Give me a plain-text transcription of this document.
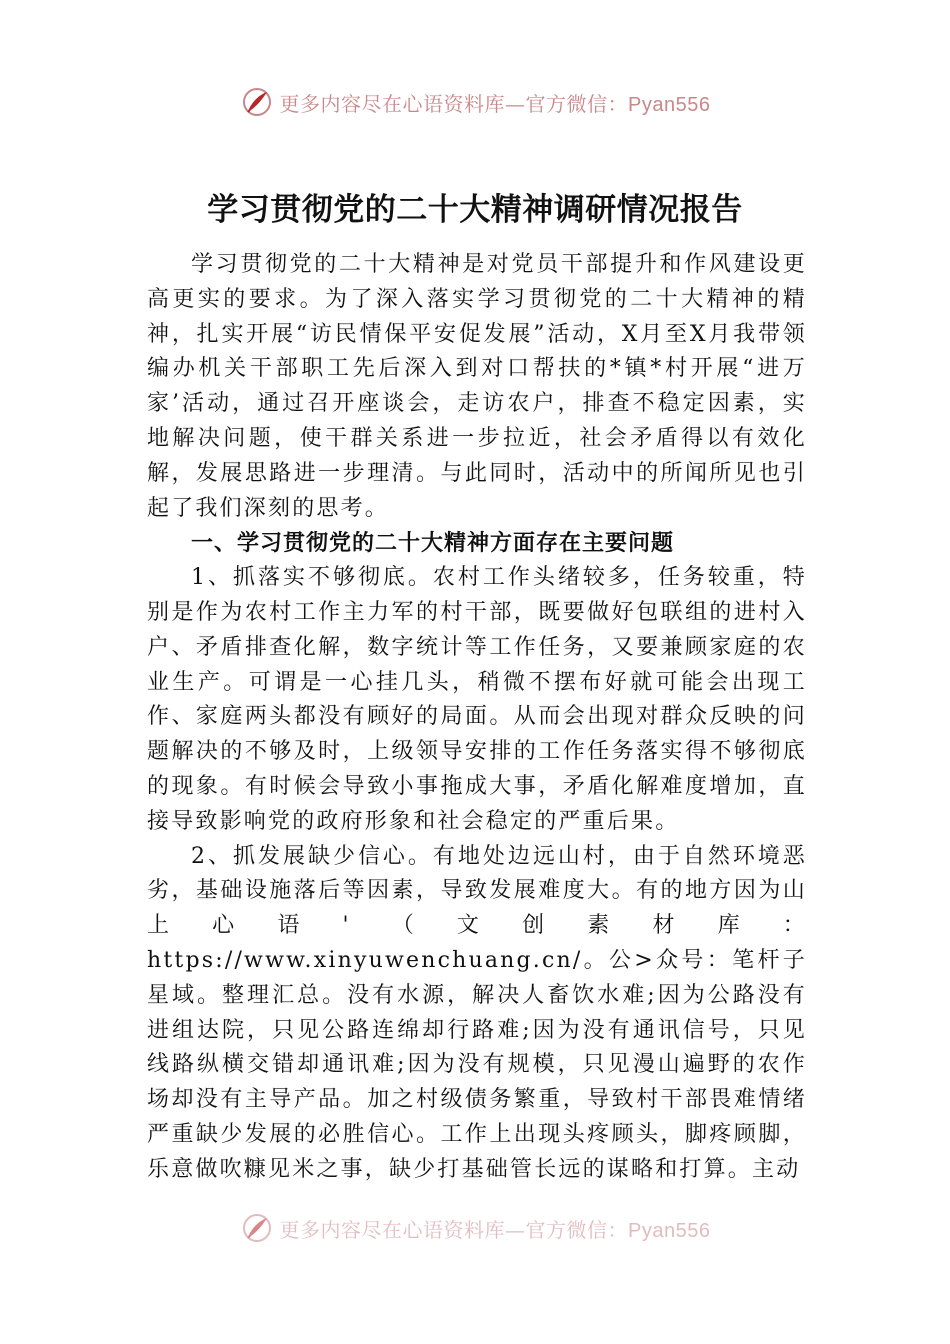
更多内容尽在心语资料库—官方微信：Pyan556
学习贯彻党的二十大精神调研情况报告

学习贯彻党的二十大精神是对党员干部提升和作风建设更高更实的要求。为了深入落实学习贯彻党的二十大精神的精神，扎实开展“访民情保平安促发展”活动，X月至X月我带领编办机关干部职工先后深入到对口帮扶的*镇*村开展“进万家’活动，通过召开座谈会，走访农户，排查不稳定因素，实地解决问题，使干群关系进一步拉近，社会矛盾得以有效化解，发展思路进一步理清。与此同时，活动中的所闻所见也引起了我们深刻的思考。

一、学习贯彻党的二十大精神方面存在主要问题

1、抓落实不够彻底。农村工作头绪较多，任务较重，特别是作为农村工作主力军的村干部，既要做好包联组的进村入户、矛盾排查化解，数字统计等工作任务，又要兼顾家庭的农业生产。可谓是一心挂几头，稍微不摆布好就可能会出现工作、家庭两头都没有顾好的局面。从而会出现对群众反映的问题解决的不够及时，上级领导安排的工作任务落实得不够彻底的现象。有时候会导致小事拖成大事，矛盾化解难度增加，直接导致影响党的政府形象和社会稳定的严重后果。

2、抓发展缺少信心。有地处边远山村，由于自然环境恶劣，基础设施落后等因素，导致发展难度大。有的地方因为山上心语'（文创素材库：https://www.xinyuwenchuang.cn/。公>众号：笔杆子星域。整理汇总。没有水源，解决人畜饮水难;因为公路没有进组达院，只见公路连绵却行路难;因为没有通讯信号，只见线路纵横交错却通讯难;因为没有规模，只见漫山遍野的农作场却没有主导产品。加之村级债务繁重，导致村干部畏难情绪严重缺少发展的必胜信心。工作上出现头疼顾头，脚疼顾脚，乐意做吹糠见米之事，缺少打基础管长远的谋略和打算。主动

更多内容尽在心语资料库—官方微信：Pyan556
